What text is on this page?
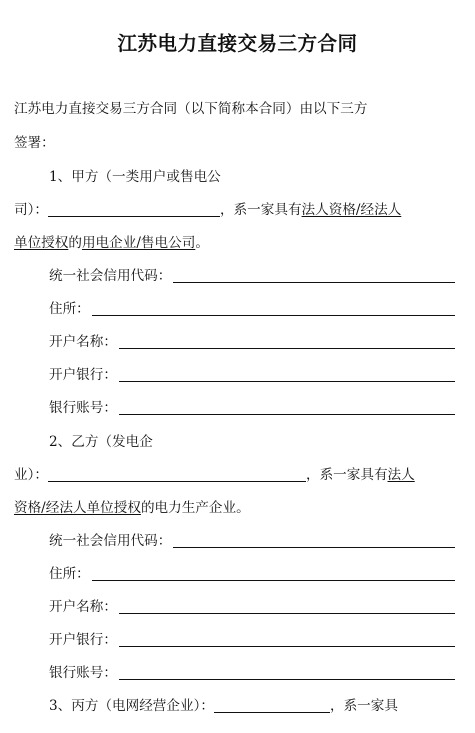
江苏电力直接交易三方合同
江苏电力直接交易三方合同（以下简称本合同）由以下三方
签署：
1、甲方（一类用户或售电公
司）：	，系一家具有法人资格/经法人
单位授权的用电企业/售电公司。
统一社会信用代码：
住所：
开户名称：
开户银行：
银行账号：
2、乙方（发电企
业）：	，系一家具有法人
资格/经法人单位授权的电力生产企业。
统一社会信用代码：
住所：
开户名称：
开户银行：
银行账号：
3、丙方（电网经营企业）：	，系一家具
